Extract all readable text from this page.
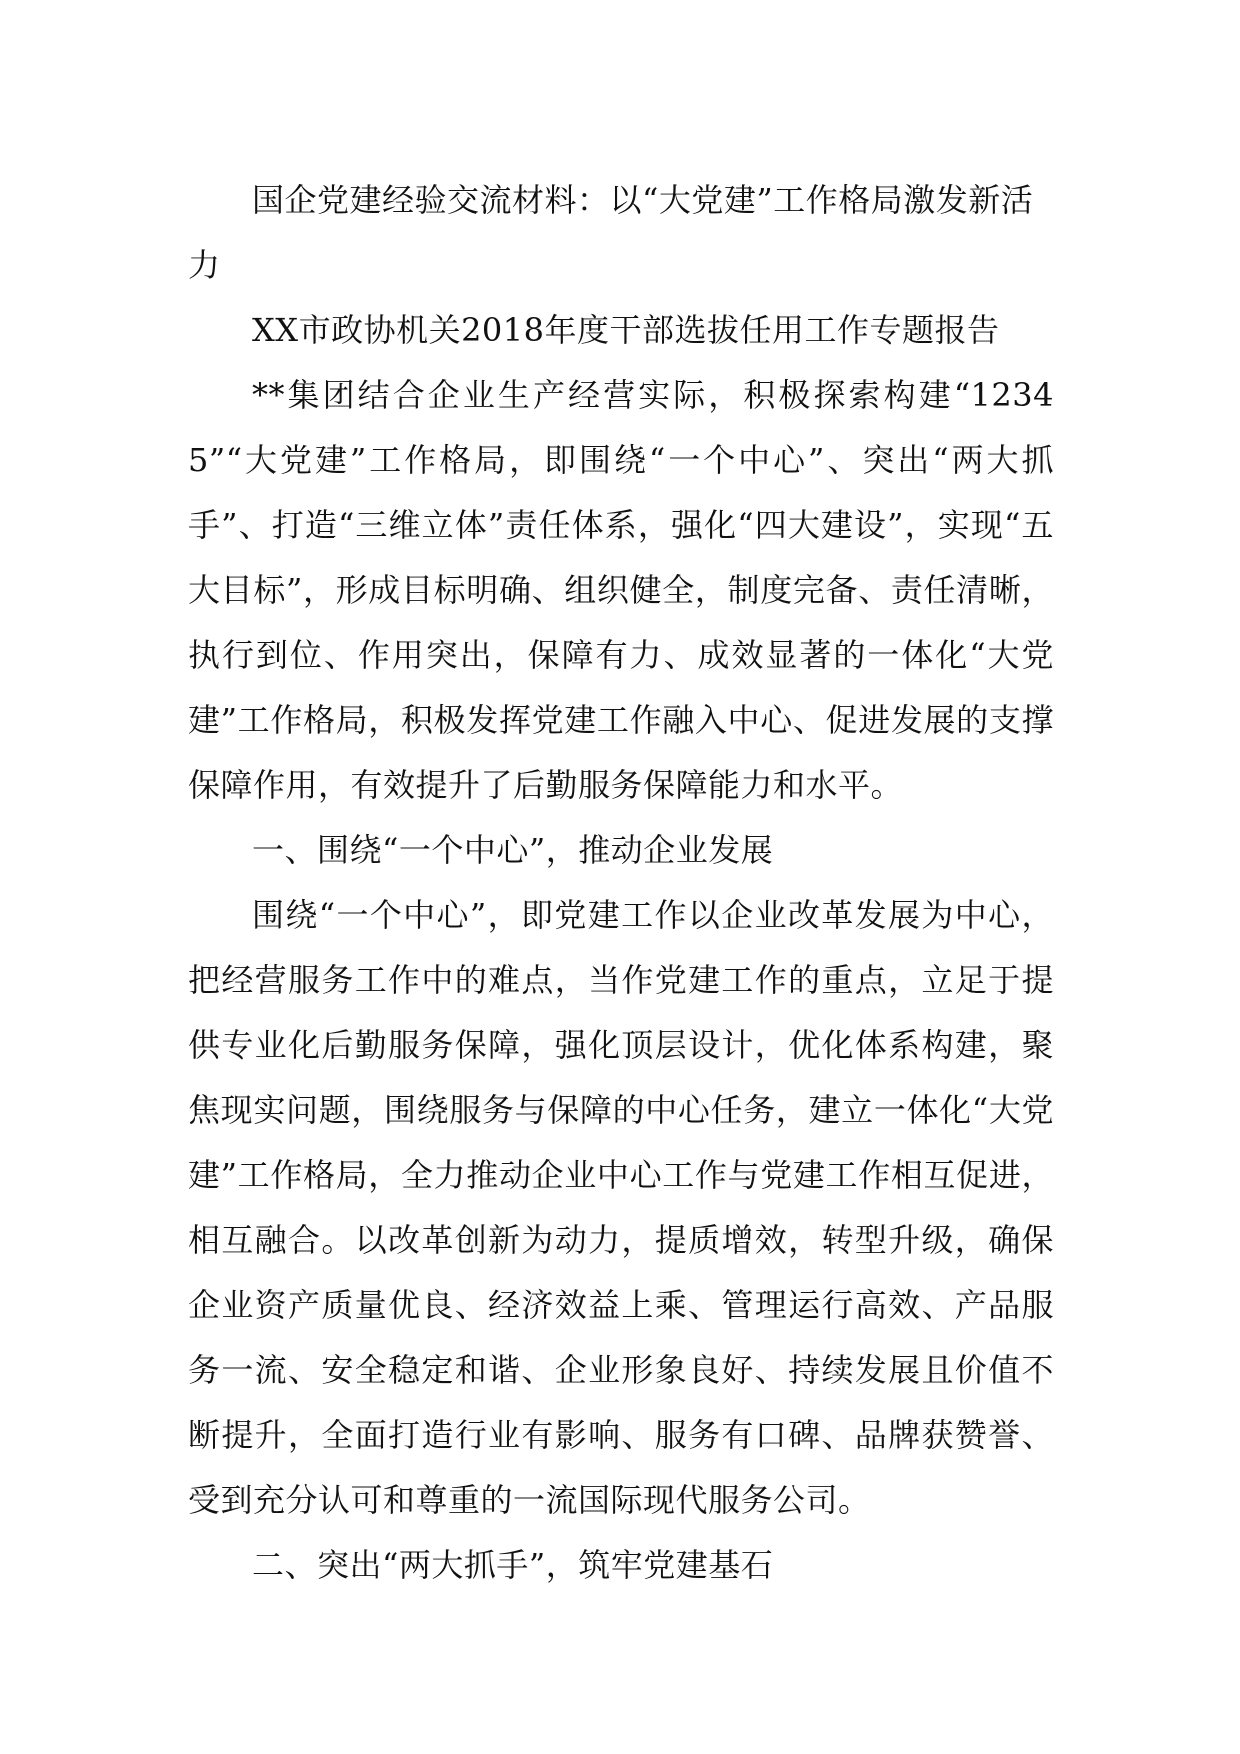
国企党建经验交流材料：以“大党建”工作格局激发新活力

XX市政协机关2018年度干部选拔任用工作专题报告

**集团结合企业生产经营实际，积极探索构建“12345”“大党建”工作格局，即围绕“一个中心”、突出“两大抓手”、打造“三维立体”责任体系，强化“四大建设”，实现“五大目标”，形成目标明确、组织健全，制度完备、责任清晰，执行到位、作用突出，保障有力、成效显著的一体化“大党建”工作格局，积极发挥党建工作融入中心、促进发展的支撑保障作用，有效提升了后勤服务保障能力和水平。

一、围绕“一个中心”，推动企业发展

围绕“一个中心”，即党建工作以企业改革发展为中心，把经营服务工作中的难点，当作党建工作的重点，立足于提供专业化后勤服务保障，强化顶层设计，优化体系构建，聚焦现实问题，围绕服务与保障的中心任务，建立一体化“大党建”工作格局，全力推动企业中心工作与党建工作相互促进，相互融合。以改革创新为动力，提质增效，转型升级，确保企业资产质量优良、经济效益上乘、管理运行高效、产品服务一流、安全稳定和谐、企业形象良好、持续发展且价值不断提升，全面打造行业有影响、服务有口碑、品牌获赞誉、受到充分认可和尊重的一流国际现代服务公司。

二、突出“两大抓手”，筑牢党建基石
